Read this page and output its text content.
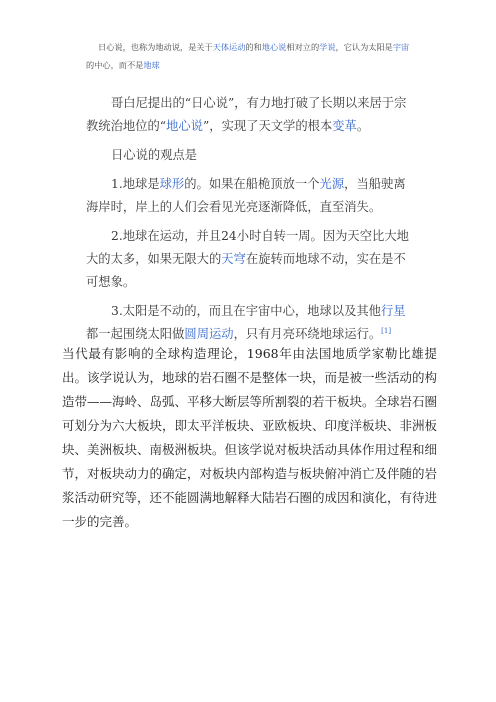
日心说，也称为地动说，是关于天体运动的和地心说相对立的学说，它认为太阳是宇宙的中心，而不是地球

哥白尼提出的“日心说”，有力地打破了长期以来居于宗教统治地位的“地心说”，实现了天文学的根本变革。

日心说的观点是

1.地球是球形的。如果在船桅顶放一个光源，当船驶离海岸时，岸上的人们会看见光亮逐渐降低，直至消失。

2.地球在运动，并且24小时自转一周。因为天空比大地大的太多，如果无限大的天穹在旋转而地球不动，实在是不可想象。

3.太阳是不动的，而且在宇宙中心，地球以及其他行星都一起围绕太阳做圆周运动，只有月亮环绕地球运行。[1]

当代最有影响的全球构造理论，1968年由法国地质学家勒比雄提出。该学说认为，地球的岩石圈不是整体一块，而是被一些活动的构造带——海岭、岛弧、平移大断层等所割裂的若干板块。全球岩石圈可划分为六大板块，即太平洋板块、亚欧板块、印度洋板块、非洲板块、美洲板块、南极洲板块。但该学说对板块活动具体作用过程和细节，对板块动力的确定，对板块内部构造与板块俯冲消亡及伴随的岩浆活动研究等，还不能圆满地解释大陆岩石圈的成因和演化，有待进一步的完善。
